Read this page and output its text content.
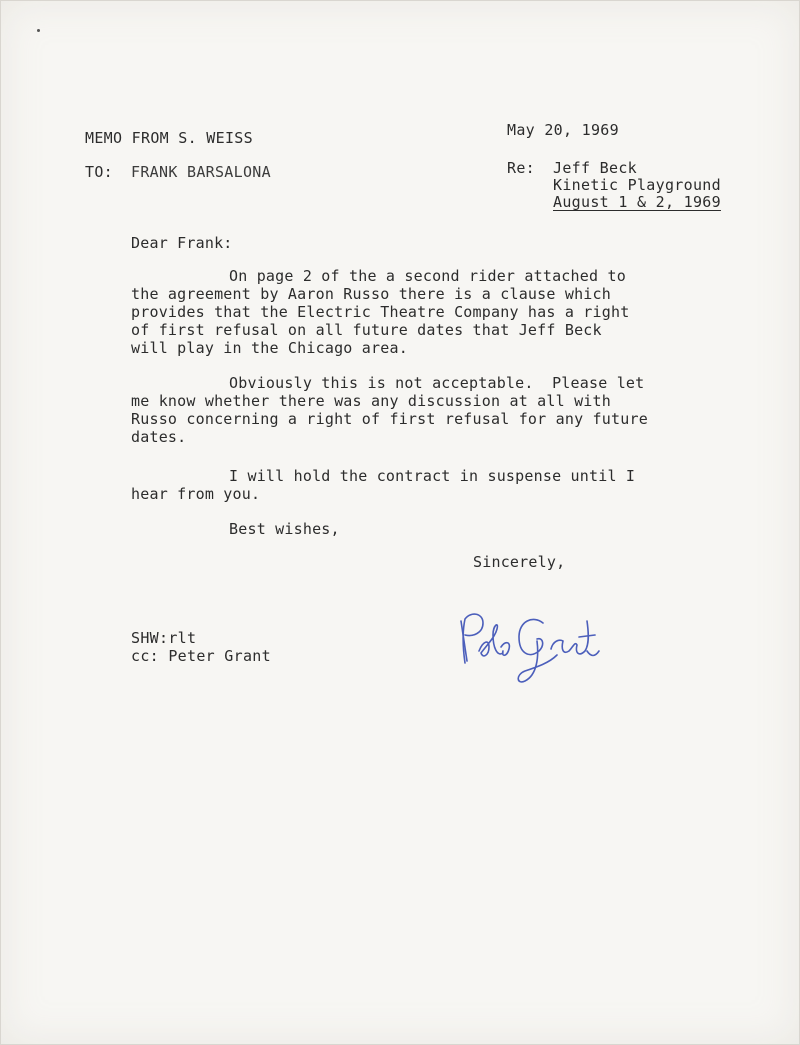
MEMO FROM S. WEISS	May 20, 1969
TO: FRANK BARSALONA	Re: Jeff Beck
Kinetic Playground
August 1 & 2, 1969
Dear Frank:
On page 2 of the a second rider attached to
the agreement by Aaron Russo there is a clause which
provides that the Electric Theatre Company has a right
of first refusal on all future dates that Jeff Beck
will play in the Chicago area.
Obviously this is not acceptable.  Please let
me know whether there was any discussion at all with
Russo concerning a right of first refusal for any future
dates.
I will hold the contract in suspense until I
hear from you.
Best wishes,
Sincerely,
SHW:rlt
cc: Peter Grant
